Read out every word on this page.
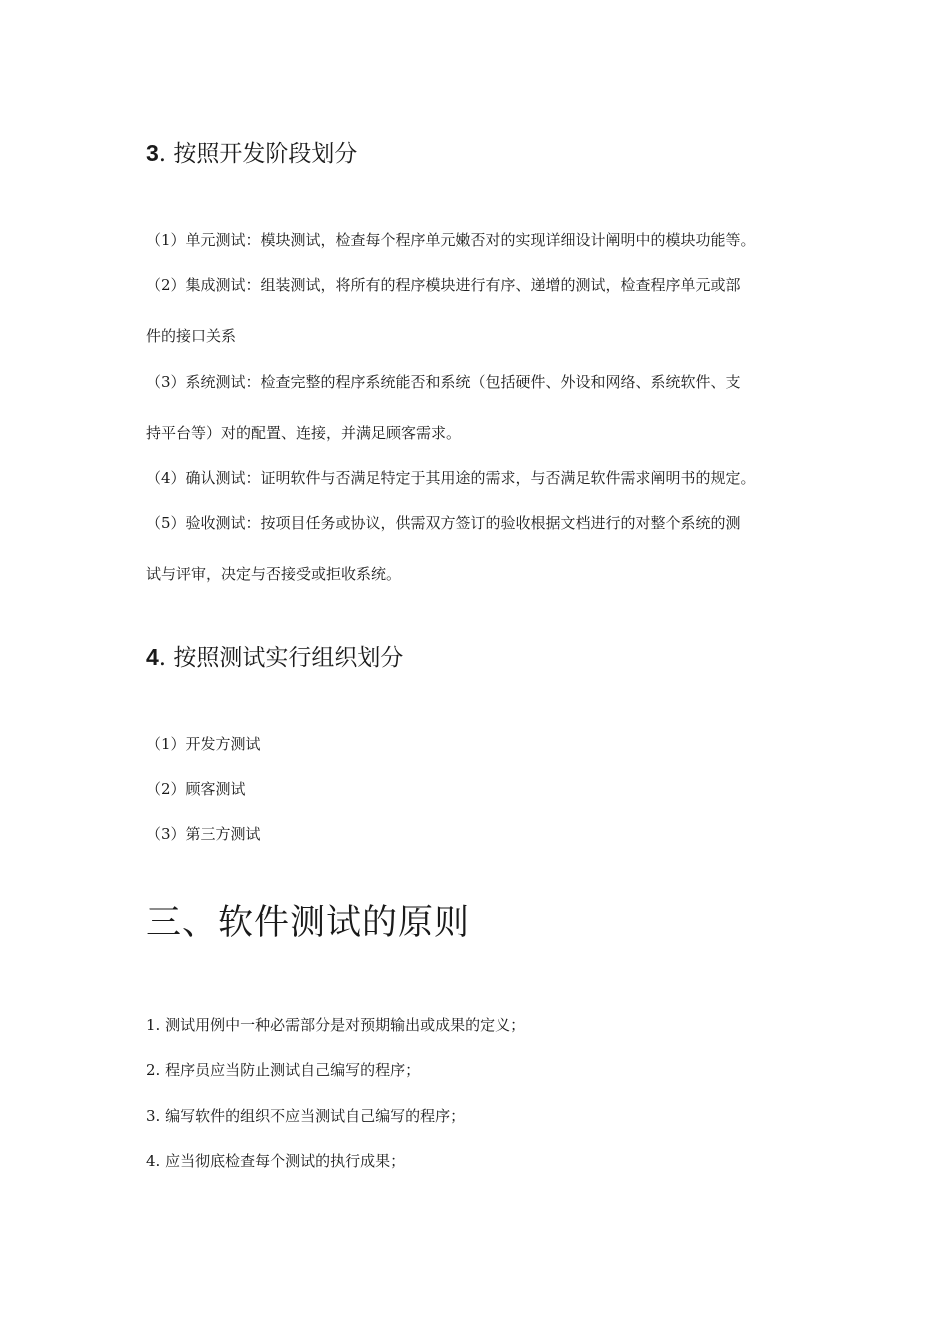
3. 按照开发阶段划分

（1）单元测试：模块测试，检查每个程序单元嫩否对的实现详细设计阐明中的模块功能等。

（2）集成测试：组装测试，将所有的程序模块进行有序、递增的测试，检查程序单元或部

件的接口关系

（3）系统测试：检查完整的程序系统能否和系统（包括硬件、外设和网络、系统软件、支

持平台等）对的配置、连接，并满足顾客需求。

（4）确认测试：证明软件与否满足特定于其用途的需求，与否满足软件需求阐明书的规定。

（5）验收测试：按项目任务或协议，供需双方签订的验收根据文档进行的对整个系统的测

试与评审，决定与否接受或拒收系统。

4. 按照测试实行组织划分

（1）开发方测试

（2）顾客测试

（3）第三方测试

三、软件测试的原则

1. 测试用例中一种必需部分是对预期输出或成果的定义；

2. 程序员应当防止测试自己编写的程序；

3. 编写软件的组织不应当测试自己编写的程序；

4. 应当彻底检查每个测试的执行成果；
